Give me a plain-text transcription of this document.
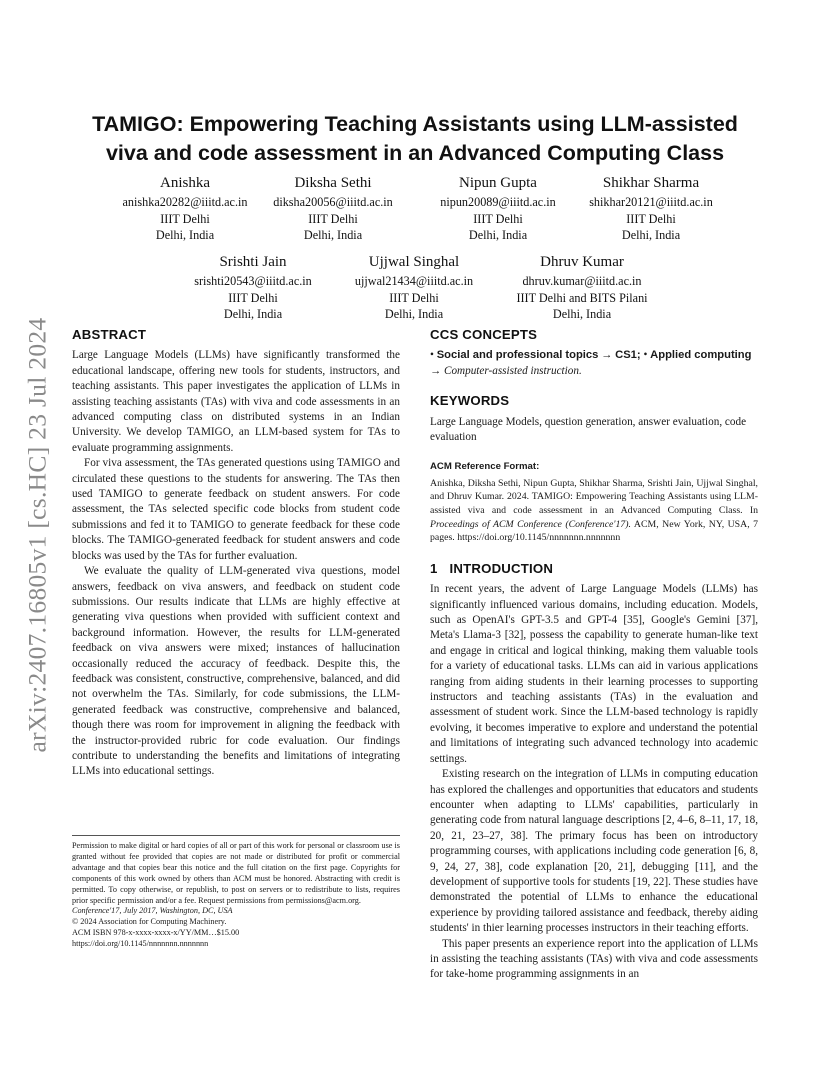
arXiv:2407.16805v1 [cs.HC] 23 Jul 2024
TAMIGO: Empowering Teaching Assistants using LLM-assisted
viva and code assessment in an Advanced Computing Class
Anishka
anishka20282@iiitd.ac.in
IIIT Delhi
Delhi, India
Diksha Sethi
diksha20056@iiitd.ac.in
IIIT Delhi
Delhi, India
Nipun Gupta
nipun20089@iiitd.ac.in
IIIT Delhi
Delhi, India
Shikhar Sharma
shikhar20121@iiitd.ac.in
IIIT Delhi
Delhi, India
Srishti Jain
srishti20543@iiitd.ac.in
IIIT Delhi
Delhi, India
Ujjwal Singhal
ujjwal21434@iiitd.ac.in
IIIT Delhi
Delhi, India
Dhruv Kumar
dhruv.kumar@iiitd.ac.in
IIIT Delhi and BITS Pilani
Delhi, India
ABSTRACT

Large Language Models (LLMs) have significantly transformed the educational landscape, offering new tools for students, instructors, and teaching assistants. This paper investigates the application of LLMs in assisting teaching assistants (TAs) with viva and code assessments in an advanced computing class on distributed systems in an Indian University. We develop TAMIGO, an LLM-based system for TAs to evaluate programming assignments.

For viva assessment, the TAs generated questions using TAMIGO and circulated these questions to the students for answering. The TAs then used TAMIGO to generate feedback on student answers. For code assessment, the TAs selected specific code blocks from student code submissions and fed it to TAMIGO to generate feedback for these code blocks. The TAMIGO-generated feedback for student answers and code blocks was used by the TAs for further evaluation.

We evaluate the quality of LLM-generated viva questions, model answers, feedback on viva answers, and feedback on student code submissions. Our results indicate that LLMs are highly effective at generating viva questions when provided with sufficient context and background information. However, the results for LLM-generated feedback on viva answers were mixed; instances of hallucination occasionally reduced the accuracy of feedback. Despite this, the feedback was consistent, constructive, comprehensive, balanced, and did not overwhelm the TAs. Similarly, for code submissions, the LLM-generated feedback was constructive, comprehensive and balanced, though there was room for improvement in aligning the feedback with the instructor-provided rubric for code evaluation. Our findings contribute to understanding the benefits and limitations of integrating LLMs into educational settings.

Permission to make digital or hard copies of all or part of this work for personal or classroom use is granted without fee provided that copies are not made or distributed for profit or commercial advantage and that copies bear this notice and the full citation on the first page. Copyrights for components of this work owned by others than ACM must be honored. Abstracting with credit is permitted. To copy otherwise, or republish, to post on servers or to redistribute to lists, requires prior specific permission and/or a fee. Request permissions from permissions@acm.org.

Conference'17, July 2017, Washington, DC, USA
© 2024 Association for Computing Machinery.
ACM ISBN 978-x-xxxx-xxxx-x/YY/MM…$15.00
https://doi.org/10.1145/nnnnnnn.nnnnnnn
CCS CONCEPTS

• Social and professional topics → CS1; • Applied computing → Computer-assisted instruction.

KEYWORDS

Large Language Models, question generation, answer evaluation, code evaluation

ACM Reference Format:

Anishka, Diksha Sethi, Nipun Gupta, Shikhar Sharma, Srishti Jain, Ujjwal Singhal, and Dhruv Kumar. 2024. TAMIGO: Empowering Teaching Assistants using LLM-assisted viva and code assessment in an Advanced Computing Class. In Proceedings of ACM Conference (Conference'17). ACM, New York, NY, USA, 7 pages. https://doi.org/10.1145/nnnnnnn.nnnnnnn

1 INTRODUCTION

In recent years, the advent of Large Language Models (LLMs) has significantly influenced various domains, including education. Models, such as OpenAI's GPT-3.5 and GPT-4 [35], Google's Gemini [37], Meta's Llama-3 [32], possess the capability to generate human-like text and engage in critical and logical thinking, making them valuable tools for a variety of educational tasks. LLMs can aid in various applications ranging from aiding students in their learning processes to supporting instructors and teaching assistants (TAs) in the evaluation and assessment of student work. Since the LLM-based technology is rapidly evolving, it becomes imperative to explore and understand the potential and limitations of integrating such advanced technology into academic settings.

Existing research on the integration of LLMs in computing education has explored the challenges and opportunities that educators and students encounter when adapting to LLMs' capabilities, particularly in generating code from natural language descriptions [2, 4–6, 8–11, 17, 18, 20, 21, 23–27, 38]. The primary focus has been on introductory programming courses, with applications including code generation [6, 8, 9, 24, 27, 38], code explanation [20, 21], debugging [11], and the development of supportive tools for students [19, 22]. These studies have demonstrated the potential of LLMs to enhance the educational experience by providing tailored assistance and feedback, thereby aiding students' in thier learning processes instructors in their teaching efforts.

This paper presents an experience report into the application of LLMs in assisting the teaching assistants (TAs) with viva and code assessments for take-home programming assignments in an
